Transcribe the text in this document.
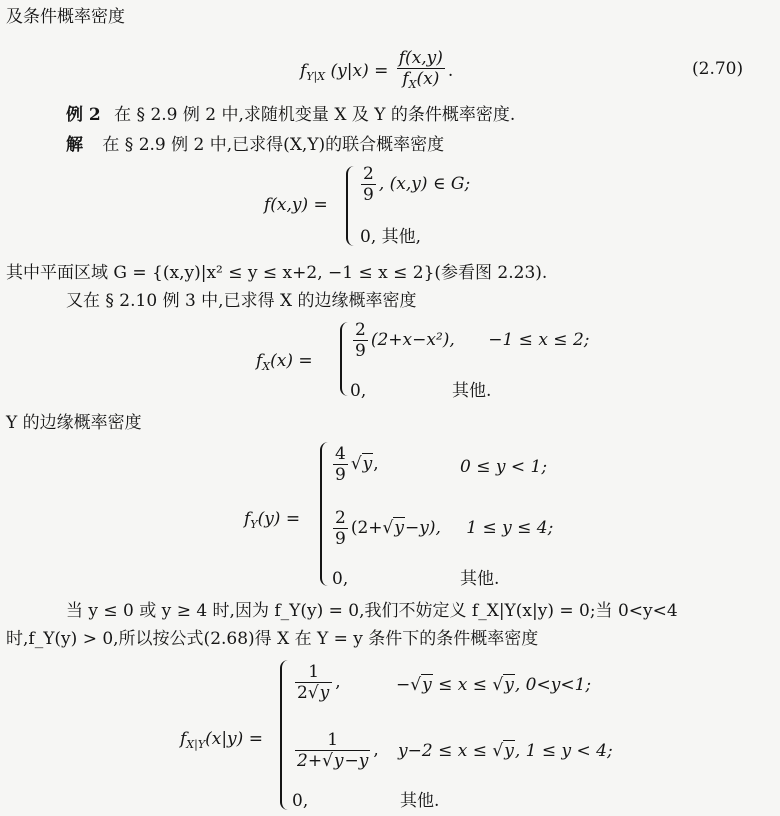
及条件概率密度
$f_{Y|X}$ $(y|x) = \frac{f(x,y)}{f_X(x)}$ .	(2.70)
例 2 在 § 2.9 例 2 中,求随机变量 X 及 Y 的条件概率密度.
解 在 § 2.9 例 2 中,已求得(X,Y)的联合概率密度
$f(x,y) = \frac{2}{9}$ , (x,y) ∈ G;
0, 其他,
其中平面区域 G = {(x,y)|x² ≤ y ≤ x+2, −1 ≤ x ≤ 2}(参看图 2.23).
又在 § 2.10 例 3 中,已求得 X 的边缘概率密度
$f_X(x) = \frac{2}{9} (2+x-x^2)$, −1 ≤ x ≤ 2;
0,	其他.
Y 的边缘概率密度
$f_Y(y)$ =
$\frac{4}{9} √y$,	0 ≤ y < 1;
$\frac{2}{9} (2+√y-y)$, 1 ≤ y ≤ 4;
0,	其他.
当 y ≤ 0 或 y ≥ 4 时,因为 f_Y(y) = 0,我们不妨定义 f_X|Y(x|y) = 0;当 0<y<4
时,f_Y(y) > 0,所以按公式(2.68)得 X 在 Y = y 条件下的条件概率密度
$f_{X|Y}(x|y)$ =
$\frac{1}{2√y}$ ,	−√y ≤ x ≤ √y, 0<y<1;
$\frac{1}{2+√y-y}$ , y−2 ≤ x ≤ √y, 1 ≤ y < 4;
0,	其他.
